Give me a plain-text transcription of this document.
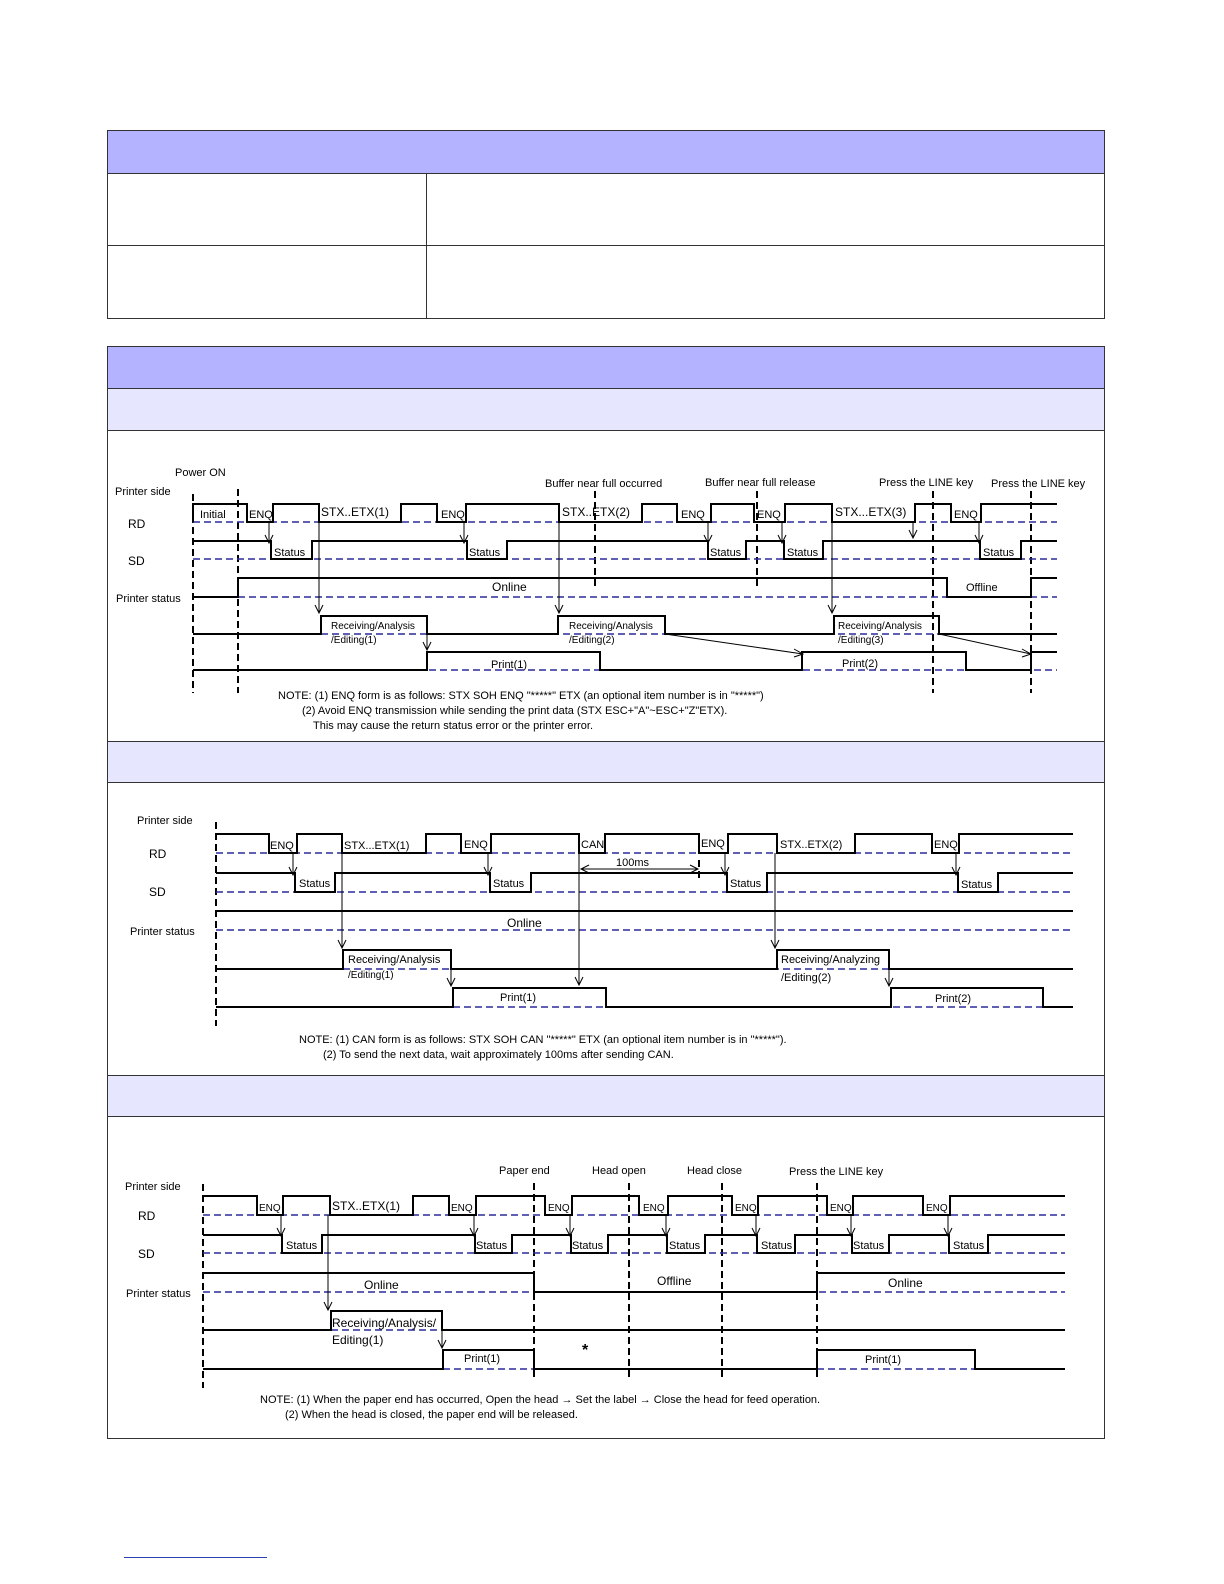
Power ON
Printer side
RD
SD
Printer status
Buffer near full occurred	Buffer near full release	Press the LINE key Press the LINE key
Initial ENQ	STX..ETX(1)	ENQ	STX..ETX(2)	ENQ	ENQ	STX...ETX(3)	ENQ
Status	Status	Status	Status	Status
Online	Offline
Receiving/Analysis
/Editing(1)
Receiving/Analysis
/Editing(2)
Receiving/Analysis
/Editing(3)
Print(1)	Print(2)
NOTE: (1) ENQ form is as follows: STX SOH ENQ "*****" ETX (an optional item number is in "*****")
(2) Avoid ENQ transmission while sending the print data (STX ESC+"A"~ESC+"Z"ETX).
This may cause the return status error or the printer error.
Printer side
RD
SD
Printer status
ENQ	STX...ETX(1)	ENQ	CAN	ENQ	STX..ETX(2)	ENQ
100ms
Status	Status	Status	Status
Online
Receiving/Analysis
/Editing(1)
Receiving/Analyzing
/Editing(2)
Print(1)	Print(2)
NOTE: (1) CAN form is as follows: STX SOH CAN "*****" ETX (an optional item number is in "*****").
(2) To send the next data, wait approximately 100ms after sending CAN.
Printer side
RD
SD
Printer status
Paper end	Head open	Head close	Press the LINE key
ENQ	STX..ETX(1)	ENQ	ENQ	ENQ	ENQ	ENQ	ENQ
Status	Status	Status	Status	Status	Status	Status
Online	Offline	Online
Receiving/Analysis/
Editing(1)
Print(1)	*
Print(1)
NOTE: (1) When the paper end has occurred, Open the head → Set the label → Close the head for feed operation.
(2) When the head is closed, the paper end will be released.
